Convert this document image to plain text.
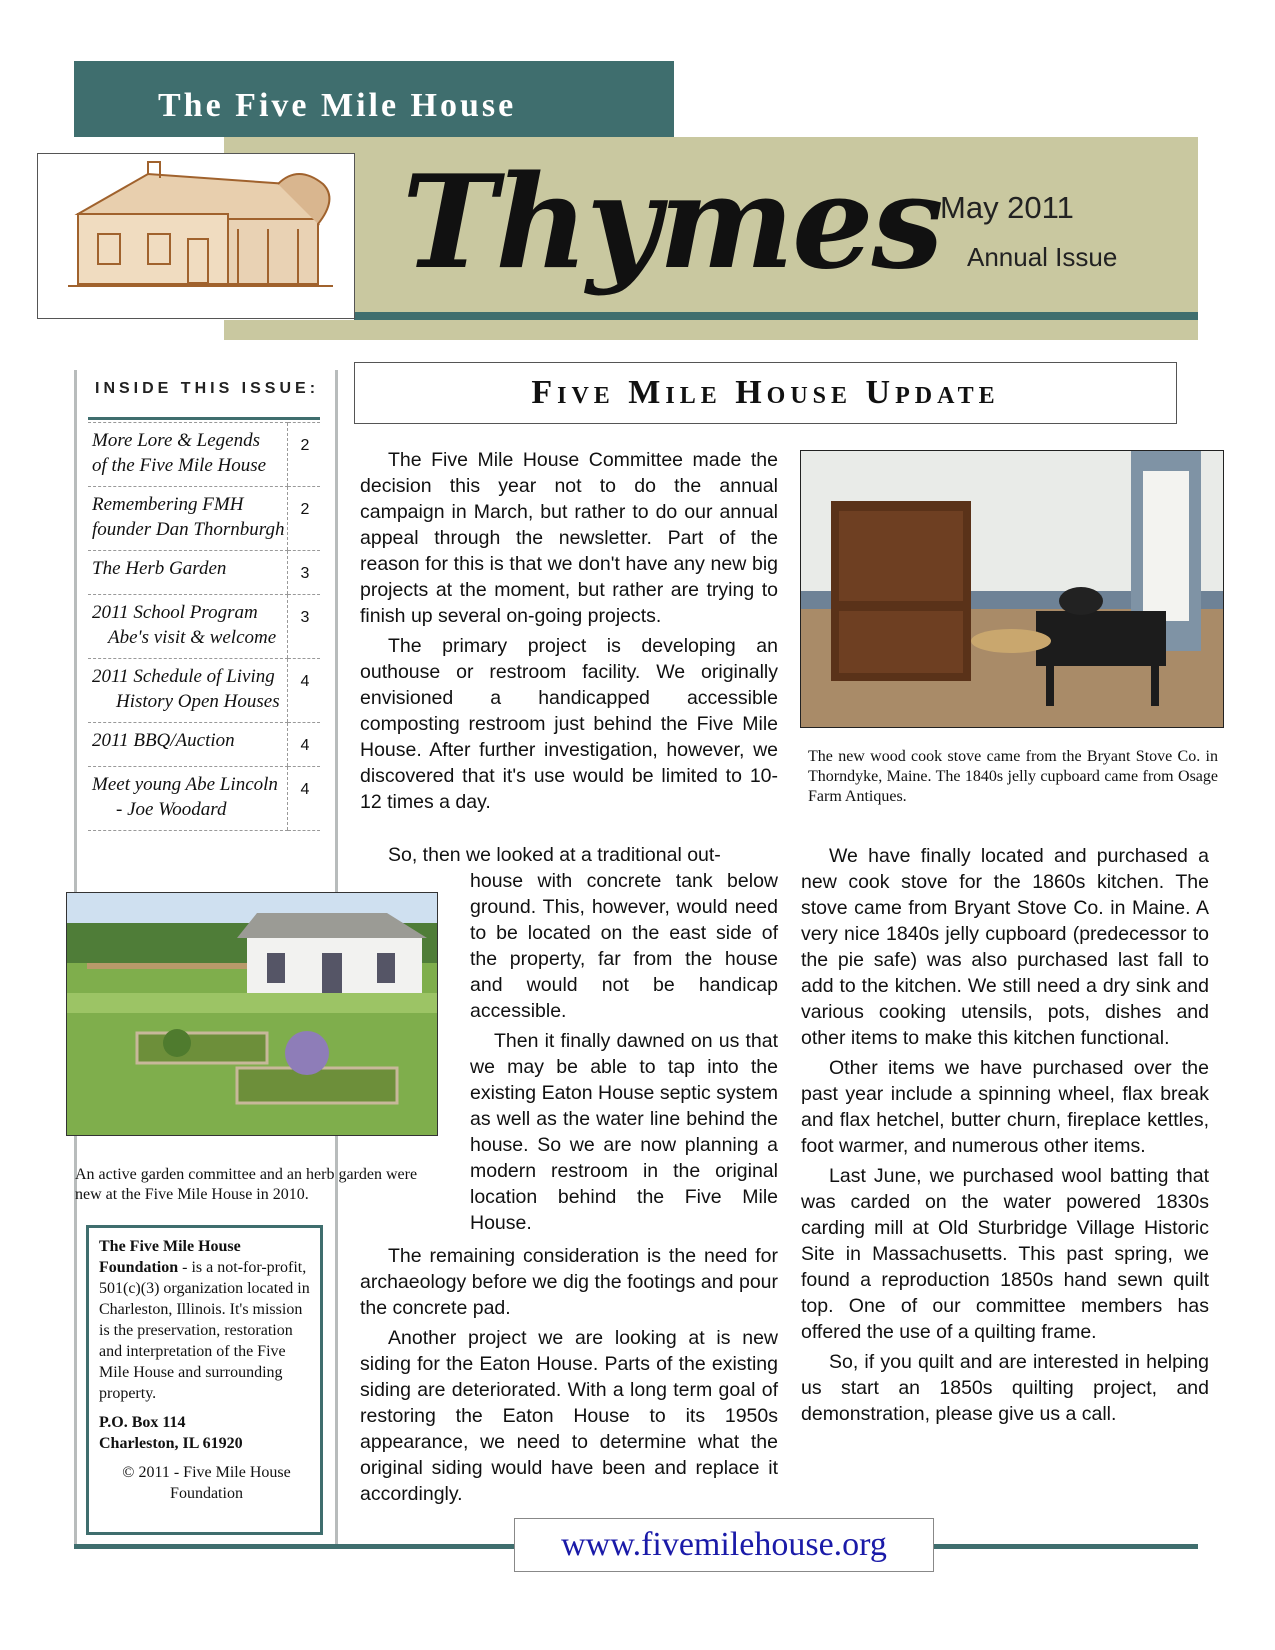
The Five Mile House
Thymes
May 2011
Annual Issue
INSIDE THIS ISSUE:
More Lore & Legends
of the Five Mile House	2
Remembering FMH
founder Dan Thornburgh	2
The Herb Garden	3
2011 School Program
Abe's visit & welcome	3
2011 Schedule of Living
History Open Houses	4
2011 BBQ/Auction	4
Meet young Abe Lincoln
- Joe Woodard	4
An active garden committee and an herb garden were new at the Five Mile House in 2010.

The Five Mile House Foundation - is a not-for-profit, 501(c)(3) organization located in Charleston, Illinois. It's mission is the preservation, restoration and interpretation of the Five Mile House and surrounding property.

P.O. Box 114
Charleston, IL 61920

© 2011 - Five Mile House Foundation

Five Mile House Update

The Five Mile House Committee made the decision this year not to do the annual campaign in March, but rather to do our annual appeal through the newsletter. Part of the reason for this is that we don't have any new big projects at the moment, but rather are trying to finish up several on-going projects.

The primary project is developing an outhouse or restroom facility. We originally envisioned a handicapped accessible composting restroom just behind the Five Mile House. After further investigation, however, we discovered that it's use would be limited to 10-12 times a day.

So, then we looked at a traditional out-

house with concrete tank below ground. This, however, would need to be located on the east side of the property, far from the house and would not be handicap accessible.

Then it finally dawned on us that we may be able to tap into the existing Eaton House septic system as well as the water line behind the house. So we are now planning a modern restroom in the original location behind the Five Mile House.

The remaining consideration is the need for archaeology before we dig the footings and pour the concrete pad.

Another project we are looking at is new siding for the Eaton House. Parts of the existing siding are deteriorated. With a long term goal of restoring the Eaton House to its 1950s appearance, we need to determine what the original siding would have been and replace it accordingly.

The new wood cook stove came from the Bryant Stove Co. in Thorndyke, Maine. The 1840s jelly cupboard came from Osage Farm Antiques.

We have finally located and purchased a new cook stove for the 1860s kitchen. The stove came from Bryant Stove Co. in Maine. A very nice 1840s jelly cupboard (predecessor to the pie safe) was also purchased last fall to add to the kitchen. We still need a dry sink and various cooking utensils, pots, dishes and other items to make this kitchen functional.

Other items we have purchased over the past year include a spinning wheel, flax break and flax hetchel, butter churn, fireplace kettles, foot warmer, and numerous other items.

Last June, we purchased wool batting that was carded on the water powered 1830s carding mill at Old Sturbridge Village Historic Site in Massachusetts. This past spring, we found a reproduction 1850s hand sewn quilt top. One of our committee members has offered the use of a quilting frame.

So, if you quilt and are interested in helping us start an 1850s quilting project, and demonstration, please give us a call.

www.fivemilehouse.org
